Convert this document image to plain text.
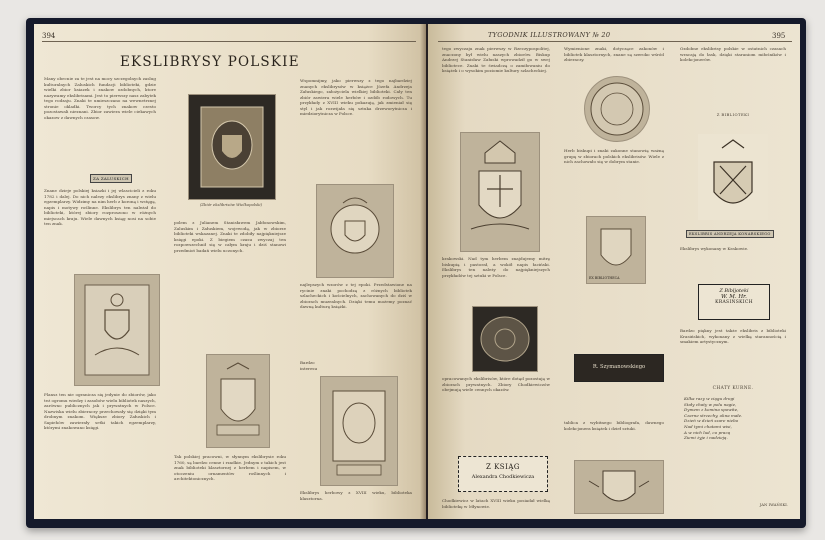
394
EKSLIBRYSY POLSKIE
Many obecnie za te jest na mocy szczegolnych zaslug kulturalnych Zaluskich fundacji biblioteki, gdzie wielki zbior ksiazek i znakow ozdobnych, ktore nazywamy ekslibrisami. Jest to pierwszy nasz zabytek tego rodzaju. Znaki te umieszczano na wewnetrznej stronie okladki. Tworcy tych znakow czesto pozostawali nieznani. Zbior zawiera wiele ciekawych okazow z dawnych czasow.
ZA ZALUSKICH
Znane dzieje polskiej ksiazki i jej wlascicieli z roku 1782 i dalej. Do nich nalezy ekslibrys znany z wielu egzemplarzy. Widzimy na nim herb z koroną i wstęgą, napis i motywy roślinne. Ekslibrys ten należał do biblioteki, której zbiory rozproszono w różnych miejscach kraju. Wiele dawnych ksiąg nosi na sobie ten znak.
Plansz ten nie ogranicza się jedynie do zbiorów, jako też ogromu wiedzy i zasobów wielu bibliotek naszych, zarówno publicznych jak i prywatnych w Polsce. Nazwiska wielu zbieraczy przechowały się dzięki tym drobnym znakom. Większe zbiory Załuskich i Sapiehów zawierały setki takich egzemplarzy, którymi znakowano księgi.
(Zbiór ekslibrisów Wielkopolski)
polem z Julianem Stanisławem Jabłonowskim, Zaluskim i Załuskiem, wojewodą, jak w zbiorze biblioteki wskazanej. Znaki te zdobiły najpiękniejsze księgi epoki. Z biegiem czasu zwyczaj ten rozpowszechnił się w całym kraju i dziś stanowi przedmiot badań wielu uczonych.
Tak polskiej pracowni, w słynnym ekslibrysie roku 1760, są bardzo cenne i rzadkie. Jednym z takich jest znak biblioteki klasztornej z herbem i napisem, w otoczeniu ornamentów roślinnych i architektonicznych.
Wspomnijmy, jako pierwszy z tego najbardziej znanych ekslibrysów w książce Józefa Andrzeja Załuskiego, założyciela wielkiej biblioteki. Cały ten zbiór zawiera wiele herbów i ozdób rodowych. Tu przykłady z XVIII wieku pokazują, jak zmieniał się styl i jak rozwijała się sztuka drzeworytnicza i miedziorytnicza w Polsce.
najlepszych wzorów z tej epoki. Przedstawione na rycinie znaki pochodzą z różnych bibliotek szlacheckich i kościelnych, zachowanych do dziś w zbiorach muzealnych. Dzięki temu możemy poznać dawną kulturę książki.
Bardzo interesu
Ekslibrys herbowy z XVIII wieku, biblioteka klasztorna.
TYGODNIK ILLUSTROWANY № 20	395
tego zwyczaju znak pierwszy w Rzeczypospolitej, znaczony był wielu naszych zbiorów. Biskup Andrzej Stanisław Załuski wprowadził go w swej bibliotece. Znaki te świadczą o zamiłowaniu do książek i o wysokim poziomie kultury szlacheckiej.
krakowski. Nad tym herbem znajdujemy mitrę biskupią i pastorał, a wokół napis łaciński. Ekslibrys ten należy do najpiękniejszych przykładów tej sztuki w Polsce.
opracowanych ekslibrisów, które dotąd pozostają w zbiorach prywatnych. Zbiory Chodkiewiczów obejmują wiele cennych okazów.
Z KSIĄG
Alexandra Chodkiewicza
Chodkiewicz w latach XVIII wieku posiadał wielką bibliotekę w Młynowie.
Wymienione znaki, dotyczące zakonów i bibliotek klasztornych, znane są szeroko wśród zbieraczy.
Herb biskupi i znaki zakonne stanowią ważną grupę w zbiorach polskich ekslibrisów. Wiele z nich zachowało się w dobrym stanie.
EX BIBLIOTHECA
R. Szymanowskiego
tablica z wybitnego bibliografa, dawnego kolekcjonera książek i dzieł sztuki.
Ozdobne ekslibrisy polskie w ostatnich czasach wracają do łask, dzięki staraniom miłośników i kolekcjonerów.
Z BIBLIOTEKI
EKSLIBRIS ANDRZEJA KONARSKIEGO
Ekslibrys wykonany w Krakowie.
Z Bibljoteki
W. M. Hr.
KRASIŃSKICH
Bardzo piękny jest także ekslibris z biblioteki Krasińskich, wykonany z wielką starannością i smakiem artystycznym.
CHATY KURNE.
Kilka razy w ciągu drogi
Stały chaty w polu nagie,
Dymem z komina spowite,
Czarne strzechy, okna małe.
Dzień w dzień szare niebo
Nad tymi chatami wisi,
A w nich lud, co pracą
Ziemi żyje i nadzieją.
JAN IWAŃSKI.
